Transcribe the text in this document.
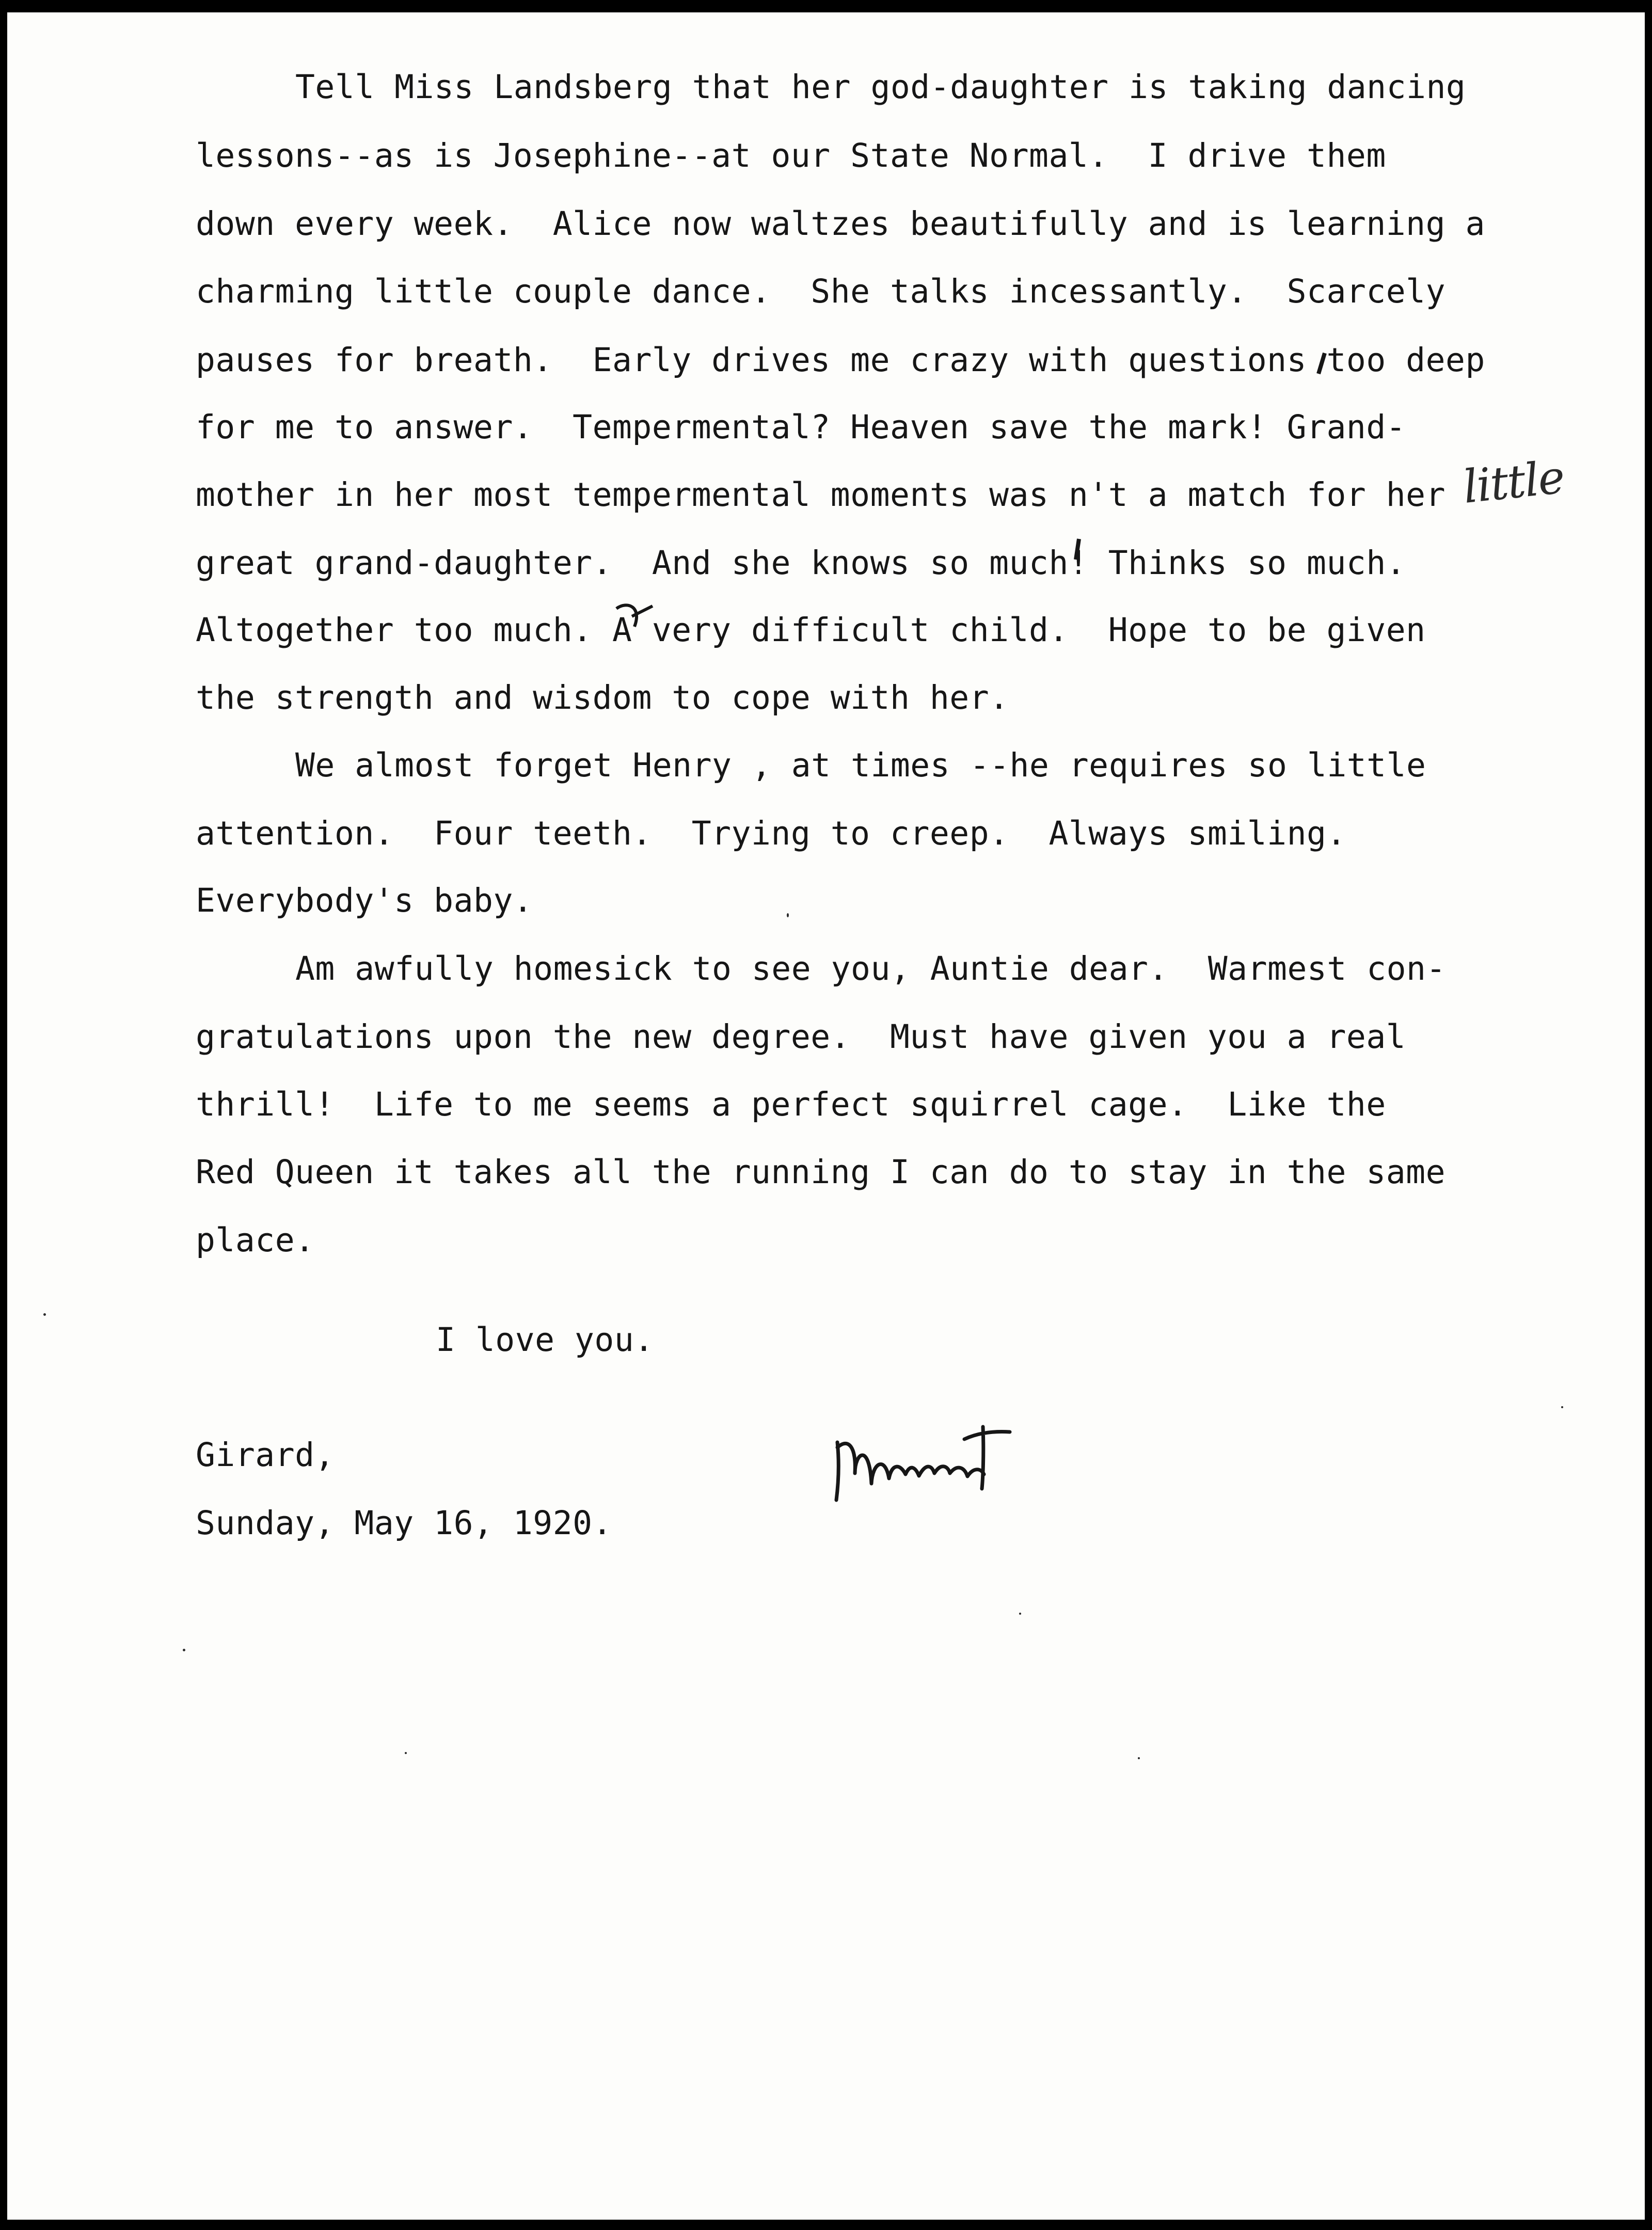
Tell Miss Landsberg that her god-daughter is taking dancing

lessons--as is Josephine--at our State Normal.  I drive them

down every week.  Alice now waltzes beautifully and is learning a

charming little couple dance.  She talks incessantly.  Scarcely

pauses for breath.  Early drives me crazy with questions too deep

for me to answer.  Tempermental? Heaven save the mark! Grand-

mother in her most tempermental moments was n't a match for her

great grand-daughter.  And she knows so much! Thinks so much.

Altogether too much. A very difficult child.  Hope to be given

the strength and wisdom to cope with her.

We almost forget Henry , at times --he requires so little

attention.  Four teeth.  Trying to creep.  Always smiling.

Everybody's baby.

Am awfully homesick to see you, Auntie dear.  Warmest con-

gratulations upon the new degree.  Must have given you a real

thrill!  Life to me seems a perfect squirrel cage.  Like the

Red Queen it takes all the running I can do to stay in the same

place.

I love you.

Girard,

Sunday, May 16, 1920.

little
